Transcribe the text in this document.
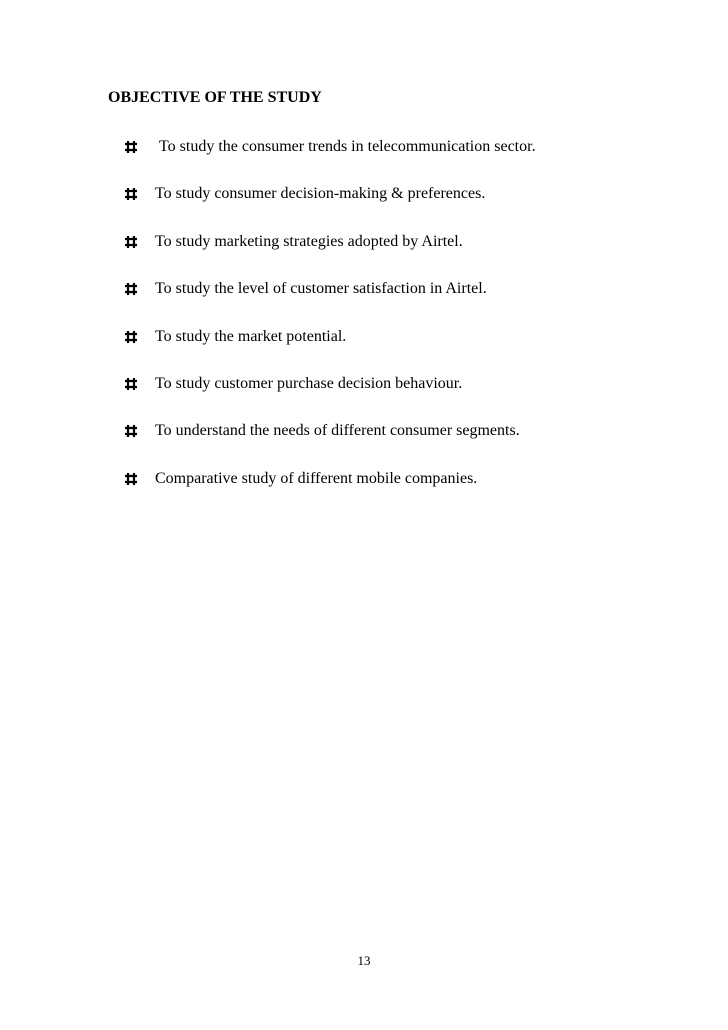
OBJECTIVE OF THE STUDY
To study the consumer trends in telecommunication sector.
To study consumer decision-making & preferences.
To study marketing strategies adopted by Airtel.
To study the level of customer satisfaction in Airtel.
To study the market potential.
To study customer purchase decision behaviour.
To understand the needs of different consumer segments.
Comparative study of different mobile companies.
13
